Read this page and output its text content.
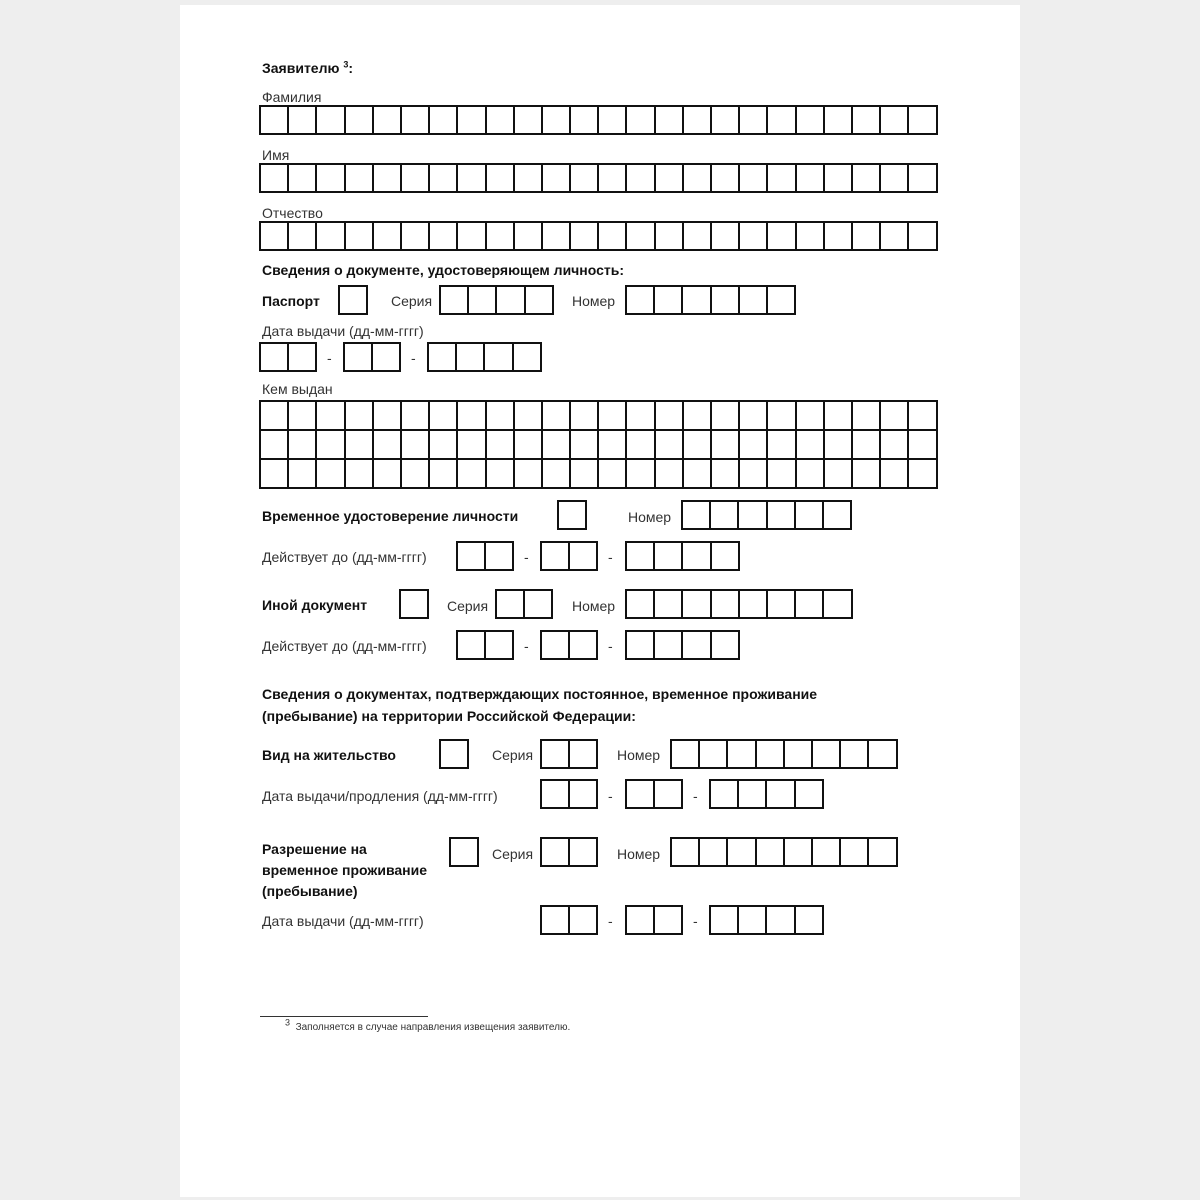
Заявителю $^3$:
Фамилия
Имя
Отчество
Сведения о документе, удостоверяющем личность:
Паспорт	Серия	Номер
Дата выдачи (дд-мм-гггг)
-	-
Кем выдан
Временное удостоверение личности	Номер
Действует до (дд-мм-гггг)	-	-
Иной документ	Серия	Номер
Действует до (дд-мм-гггг)	-	-
Сведения о документах, подтверждающих постоянное, временное проживание
(пребывание) на территории Российской Федерации:
Вид на жительство	Серия	Номер
Дата выдачи/продления (дд-мм-гггг)	-	-
Разрешение на
временное проживание
(пребывание)
Серия	Номер
Дата выдачи (дд-мм-гггг)	-	-
3 Заполняется в случае направления извещения заявителю.
